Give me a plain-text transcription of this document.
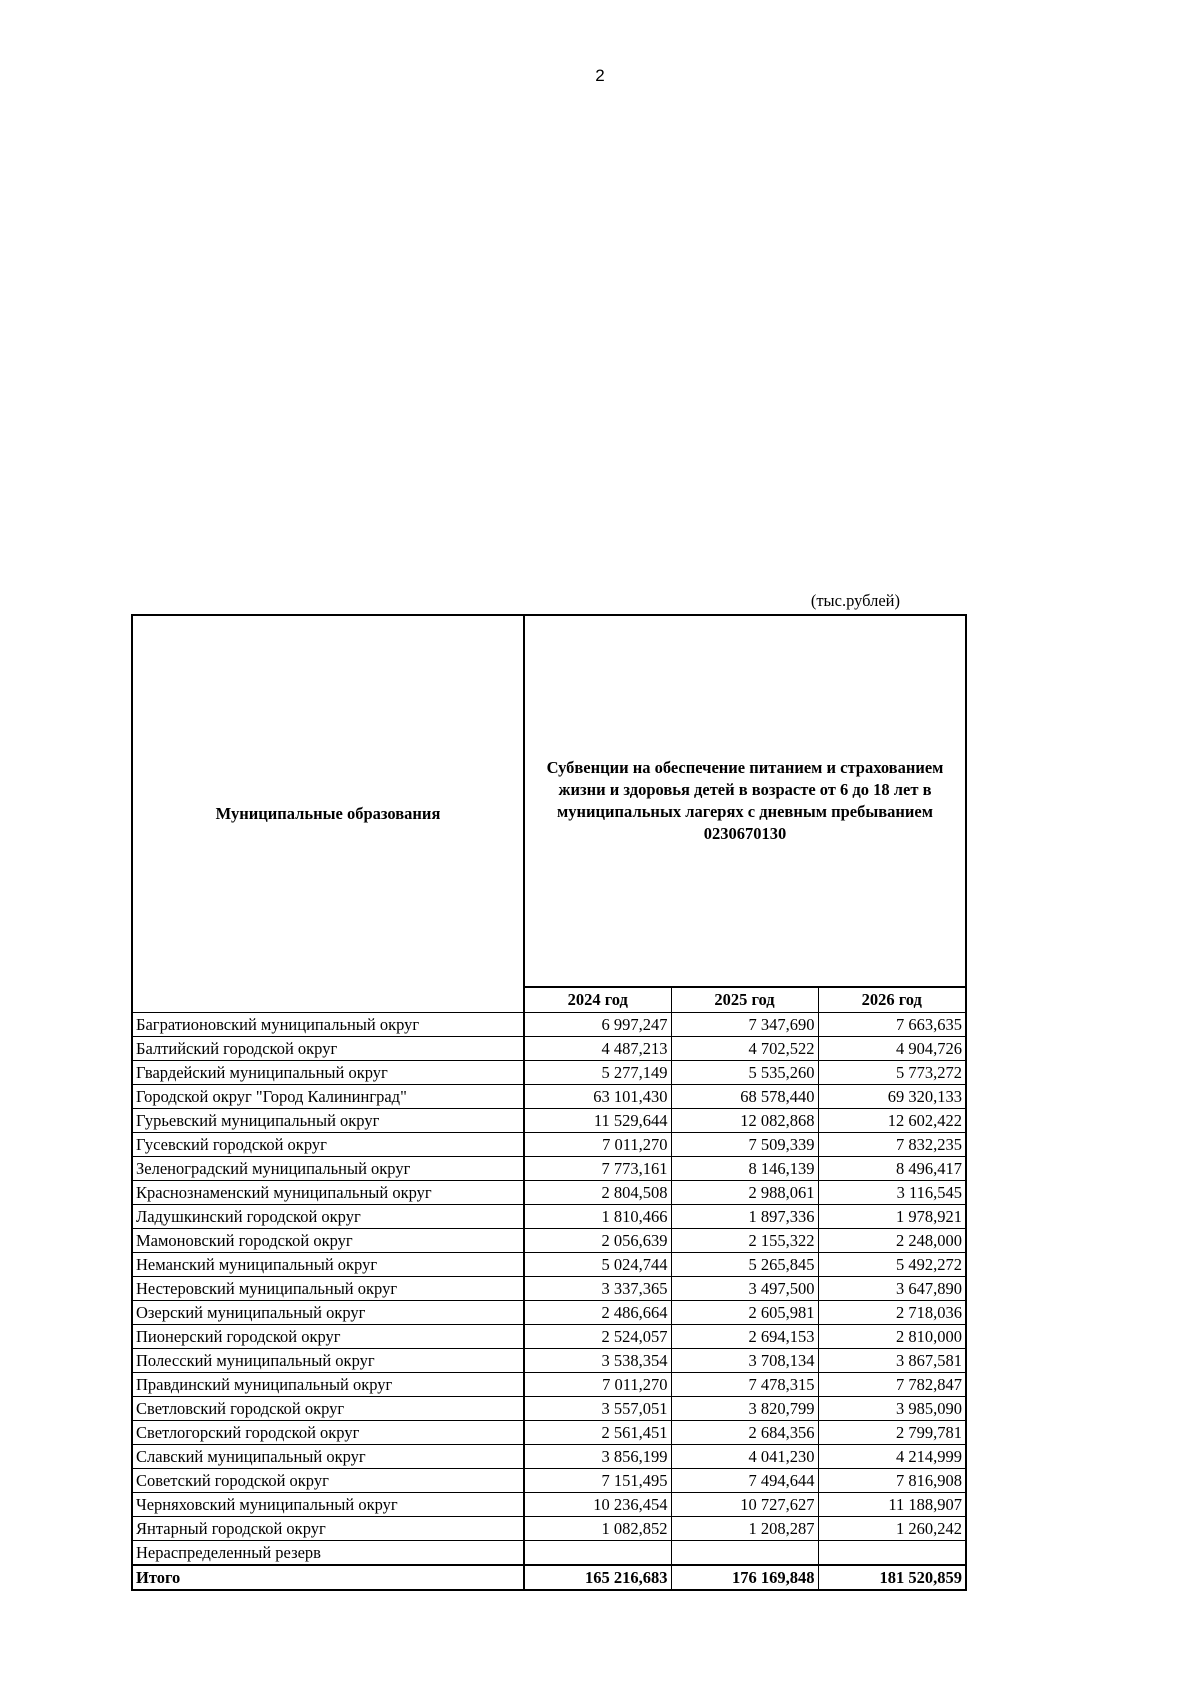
2
(тыс.рублей)
Муниципальные образования	Субвенции на обеспечение питанием и страхованием жизни и здоровья детей в возрасте от 6 до 18 лет в муниципальных лагерях с дневным пребыванием
0230670130		

	2024 год	2025 год	2026 год
Багратионовский муниципальный округ	6 997,247	7 347,690	7 663,635
Балтийский городской округ	4 487,213	4 702,522	4 904,726
Гвардейский муниципальный округ	5 277,149	5 535,260	5 773,272
Городской округ "Город Калининград"	63 101,430	68 578,440	69 320,133
Гурьевский муниципальный округ	11 529,644	12 082,868	12 602,422
Гусевский городской округ	7 011,270	7 509,339	7 832,235
Зеленоградский муниципальный округ	7 773,161	8 146,139	8 496,417
Краснознаменский муниципальный округ	2 804,508	2 988,061	3 116,545
Ладушкинский городской округ	1 810,466	1 897,336	1 978,921
Мамоновский городской округ	2 056,639	2 155,322	2 248,000
Неманский муниципальный округ	5 024,744	5 265,845	5 492,272
Нестеровский муниципальный округ	3 337,365	3 497,500	3 647,890
Озерский муниципальный округ	2 486,664	2 605,981	2 718,036
Пионерский городской округ	2 524,057	2 694,153	2 810,000
Полесский муниципальный округ	3 538,354	3 708,134	3 867,581
Правдинский муниципальный округ	7 011,270	7 478,315	7 782,847
Светловский городской округ	3 557,051	3 820,799	3 985,090
Светлогорский городской округ	2 561,451	2 684,356	2 799,781
Славский муниципальный округ	3 856,199	4 041,230	4 214,999
Советский городской округ	7 151,495	7 494,644	7 816,908
Черняховский муниципальный округ	10 236,454	10 727,627	11 188,907
Янтарный городской округ	1 082,852	1 208,287	1 260,242
Нераспределенный резерв			
Итого	165 216,683	176 169,848	181 520,859
